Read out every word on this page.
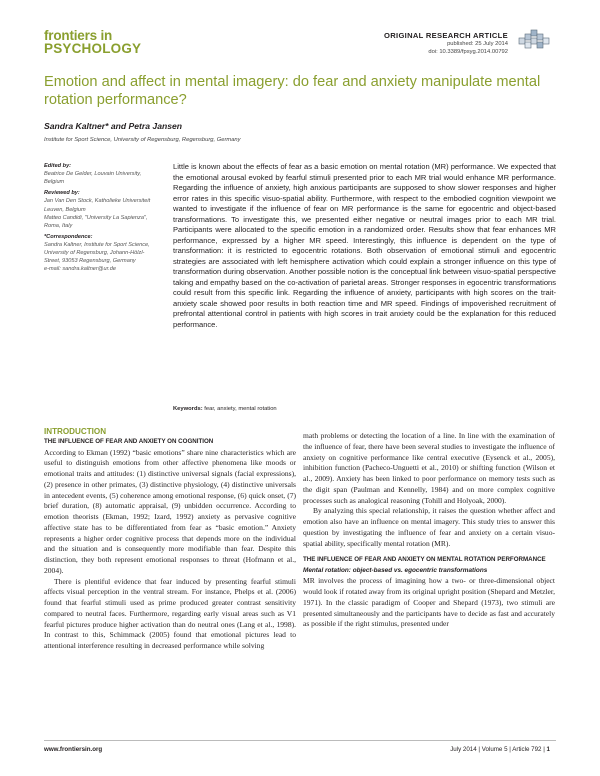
frontiers in
PSYCHOLOGY
ORIGINAL RESEARCH ARTICLE
published: 25 July 2014
doi: 10.3389/fpsyg.2014.00792
Emotion and affect in mental imagery: do fear and anxiety manipulate mental rotation performance?
Sandra Kaltner* and Petra Jansen
Institute for Sport Science, University of Regensburg, Regensburg, Germany
Edited by:
Beatrice De Gelder, Louvain University, Belgium
Reviewed by:
Jan Van Den Stock, Katholieke Universiteit Leuven, Belgium
Matteo Candidi, "University La Sapienza", Roma, Italy
*Correspondence:
Sandra Kaltner, Institute for Sport Science, University of Regensburg, Johann-Hölzl-Street, 93053 Regensburg, Germany
e-mail: sandra.kaltner@ur.de
Little is known about the effects of fear as a basic emotion on mental rotation (MR) performance. We expected that the emotional arousal evoked by fearful stimuli presented prior to each MR trial would enhance MR performance. Regarding the influence of anxiety, high anxious participants are supposed to show slower responses and higher error rates in this specific visuo-spatial ability. Furthermore, with respect to the embodied cognition viewpoint we wanted to investigate if the influence of fear on MR performance is the same for egocentric and object-based transformations. To investigate this, we presented either negative or neutral images prior to each MR trial. Participants were allocated to the specific emotion in a randomized order. Results show that fear enhances MR performance, expressed by a higher MR speed. Interestingly, this influence is dependent on the type of transformation: it is restricted to egocentric rotations. Both observation of emotional stimuli and egocentric strategies are associated with left hemisphere activation which could explain a stronger influence on this type of transformation during observation. Another possible notion is the conceptual link between visuo-spatial perspective taking and empathy based on the co-activation of parietal areas. Stronger responses in egocentric transformations could result from this specific link. Regarding the influence of anxiety, participants with high scores on the trait-anxiety scale showed poor results in both reaction time and MR speed. Findings of impoverished recruitment of prefrontal attentional control in patients with high scores in trait anxiety could be the explanation for this reduced performance.
Keywords: fear, anxiety, mental rotation
INTRODUCTION
THE INFLUENCE OF FEAR AND ANXIETY ON COGNITION

According to Ekman (1992) “basic emotions” share nine characteristics which are useful to distinguish emotions from other affective phenomena like moods or emotional traits and attitudes: (1) distinctive universal signals (facial expressions), (2) presence in other primates, (3) distinctive physiology, (4) distinctive universals in antecedent events, (5) coherence among emotional response, (6) quick onset, (7) brief duration, (8) automatic appraisal, (9) unbidden occurrence. According to emotion theorists (Ekman, 1992; Izard, 1992) anxiety as pervasive cognitive affective state has to be differentiated from fear as “basic emotion.” Anxiety represents a higher order cognitive process that depends more on the individual and the situation and is consequently more modifiable than fear. Despite this distinction, they both represent emotional responses to threat (Hofmann et al., 2004).

There is plentiful evidence that fear induced by presenting fearful stimuli affects visual perception in the ventral stream. For instance, Phelps et al. (2006) found that fearful stimuli used as prime produced greater contrast sensitivity compared to neutral faces. Furthermore, regarding early visual areas such as V1 fearful pictures produce higher activation than do neutral ones (Lang et al., 1998). In contrast to this, Schimmack (2005) found that emotional pictures lead to attentional interference resulting in decreased performance while solving

math problems or detecting the location of a line. In line with the examination of the influence of fear, there have been several studies to investigate the influence of anxiety on cognitive performance like central executive (Eysenck et al., 2005), inhibition function (Pacheco-Unguetti et al., 2010) or shifting function (Wilson et al., 2009). Anxiety has been linked to poor performance on memory tests such as the digit span (Paulman and Kennelly, 1984) and on more complex cognitive processes such as analogical reasoning (Tohill and Holyoak, 2000).

By analyzing this special relationship, it raises the question whether affect and emotion also have an influence on mental imagery. This study tries to answer this question by investigating the influence of fear and anxiety on a certain visuo-spatial ability, specifically mental rotation (MR).

THE INFLUENCE OF FEAR AND ANXIETY ON MENTAL ROTATION PERFORMANCE
Mental rotation: object-based vs. egocentric transformations

MR involves the process of imagining how a two- or three-dimensional object would look if rotated away from its original upright position (Shepard and Metzler, 1971). In the classic paradigm of Cooper and Shepard (1973), two stimuli are presented simultaneously and the participants have to decide as fast and accurately as possible if the right stimulus, presented under

www.frontiersin.org	July 2014 | Volume 5 | Article 792 | 1
